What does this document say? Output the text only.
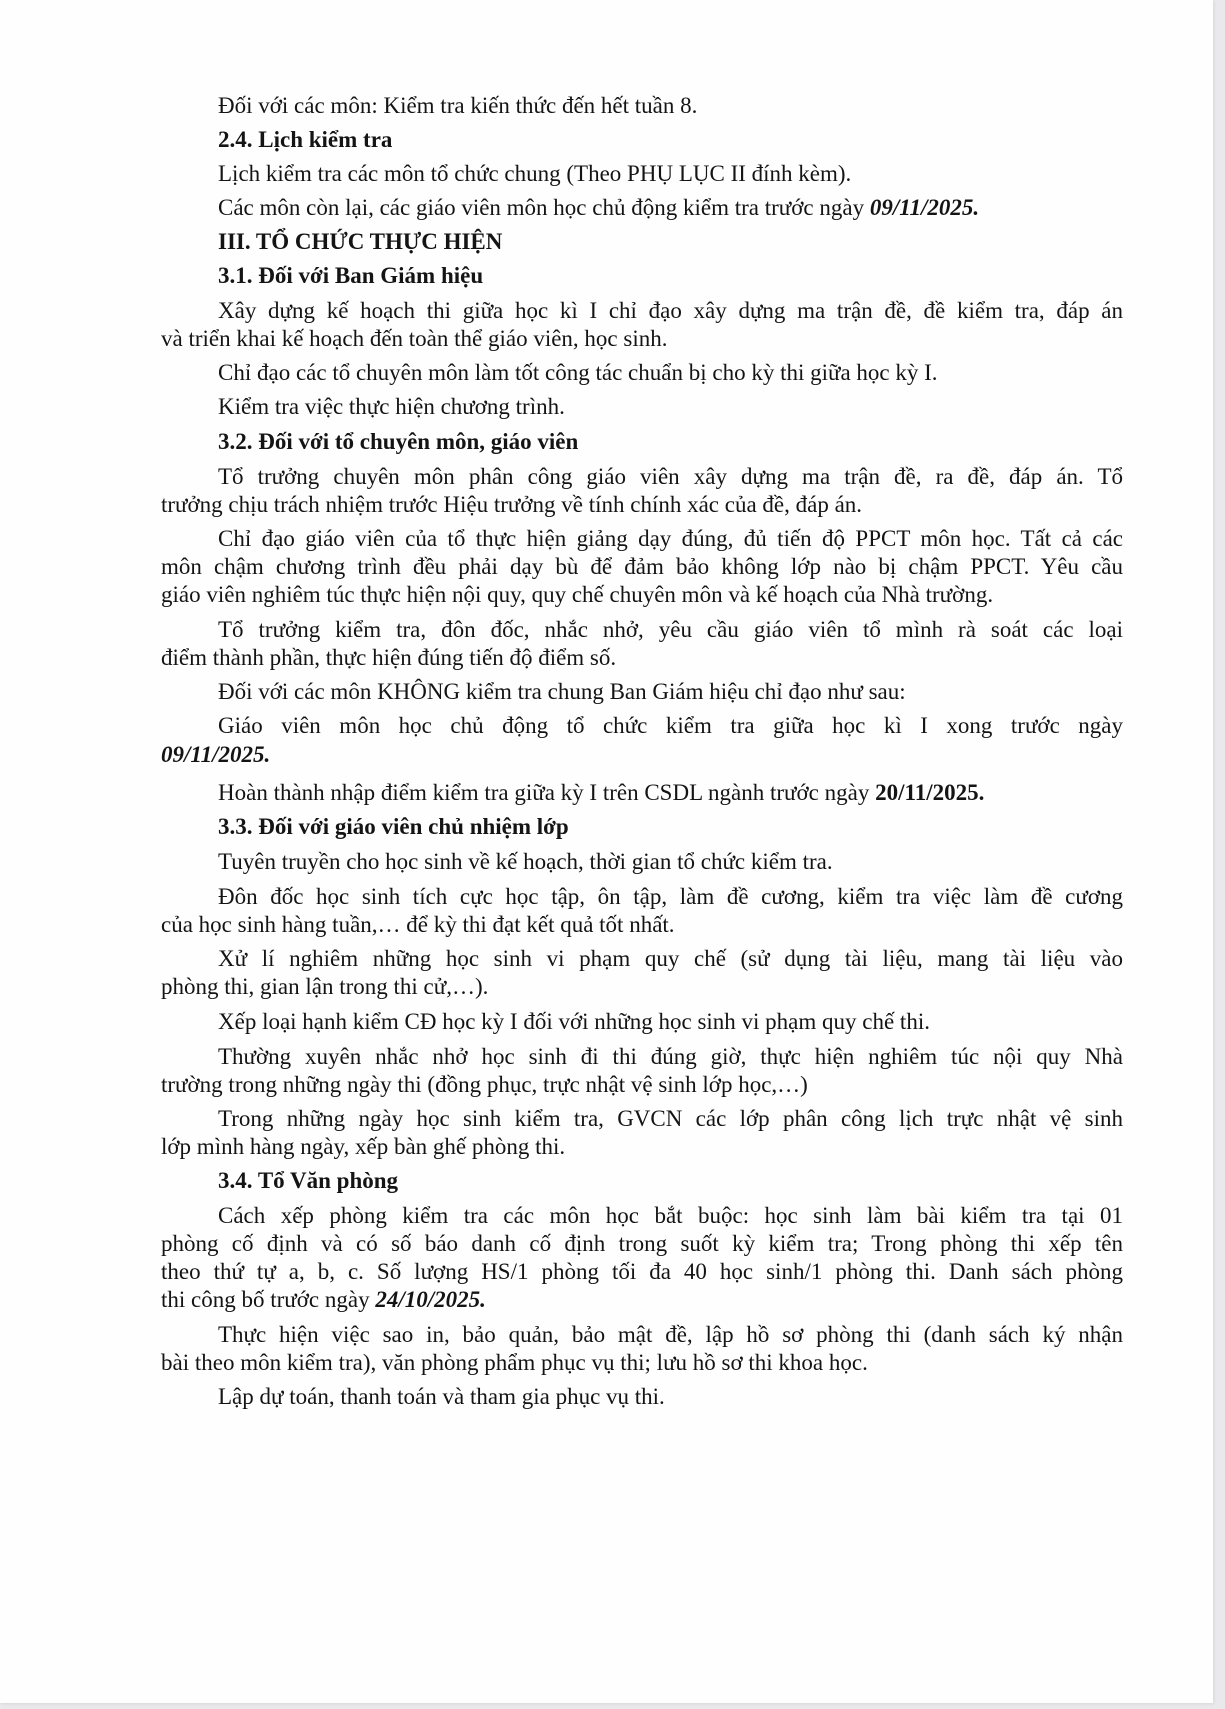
Đối với các môn: Kiểm tra kiến thức đến hết tuần 8.
2.4. Lịch kiểm tra
Lịch kiểm tra các môn tổ chức chung (Theo PHỤ LỤC II đính kèm).
Các môn còn lại, các giáo viên môn học chủ động kiểm tra trước ngày 09/11/2025.
III. TỔ CHỨC THỰC HIỆN
3.1. Đối với Ban Giám hiệu
Xây dựng kế hoạch thi giữa học kì I chỉ đạo xây dựng ma trận đề, đề kiểm tra, đáp án
và triển khai kế hoạch đến toàn thể giáo viên, học sinh.
Chỉ đạo các tổ chuyên môn làm tốt công tác chuẩn bị cho kỳ thi giữa học kỳ I.
Kiểm tra việc thực hiện chương trình.
3.2. Đối với tổ chuyên môn, giáo viên
Tổ trưởng chuyên môn phân công giáo viên xây dựng ma trận đề, ra đề, đáp án. Tổ
trưởng chịu trách nhiệm trước Hiệu trưởng về tính chính xác của đề, đáp án.
Chỉ đạo giáo viên của tổ thực hiện giảng dạy đúng, đủ tiến độ PPCT môn học. Tất cả các
môn chậm chương trình đều phải dạy bù để đảm bảo không lớp nào bị chậm PPCT. Yêu cầu
giáo viên nghiêm túc thực hiện nội quy, quy chế chuyên môn và kế hoạch của Nhà trường.
Tổ trưởng kiểm tra, đôn đốc, nhắc nhở, yêu cầu giáo viên tổ mình rà soát các loại
điểm thành phần, thực hiện đúng tiến độ điểm số.
Đối với các môn KHÔNG kiểm tra chung Ban Giám hiệu chỉ đạo như sau:
Giáo viên môn học chủ động tổ chức kiểm tra giữa học kì I xong trước ngày
09/11/2025.
Hoàn thành nhập điểm kiểm tra giữa kỳ I trên CSDL ngành trước ngày 20/11/2025.
3.3. Đối với giáo viên chủ nhiệm lớp
Tuyên truyền cho học sinh về kế hoạch, thời gian tổ chức kiểm tra.
Đôn đốc học sinh tích cực học tập, ôn tập, làm đề cương, kiểm tra việc làm đề cương
của học sinh hàng tuần,… để kỳ thi đạt kết quả tốt nhất.
Xử lí nghiêm những học sinh vi phạm quy chế (sử dụng tài liệu, mang tài liệu vào
phòng thi, gian lận trong thi cử,…).
Xếp loại hạnh kiểm CĐ học kỳ I đối với những học sinh vi phạm quy chế thi.
Thường xuyên nhắc nhở học sinh đi thi đúng giờ, thực hiện nghiêm túc nội quy Nhà
trường trong những ngày thi (đồng phục, trực nhật vệ sinh lớp học,…)
Trong những ngày học sinh kiểm tra, GVCN các lớp phân công lịch trực nhật vệ sinh
lớp mình hàng ngày, xếp bàn ghế phòng thi.
3.4. Tổ Văn phòng
Cách xếp phòng kiểm tra các môn học bắt buộc: học sinh làm bài kiểm tra tại 01
phòng cố định và có số báo danh cố định trong suốt kỳ kiểm tra; Trong phòng thi xếp tên
theo thứ tự a, b, c. Số lượng HS/1 phòng tối đa 40 học sinh/1 phòng thi. Danh sách phòng
thi công bố trước ngày 24/10/2025.
Thực hiện việc sao in, bảo quản, bảo mật đề, lập hồ sơ phòng thi (danh sách ký nhận
bài theo môn kiểm tra), văn phòng phẩm phục vụ thi; lưu hồ sơ thi khoa học.
Lập dự toán, thanh toán và tham gia phục vụ thi.
